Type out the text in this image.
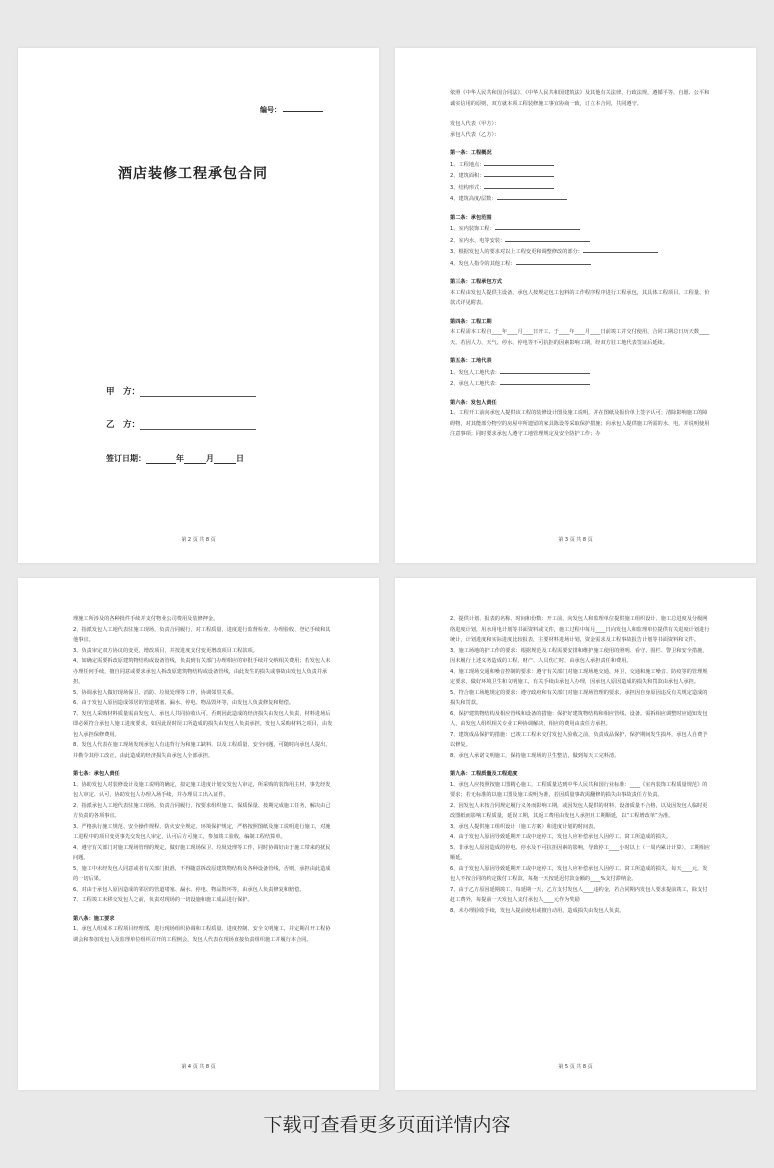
编号：
酒店装修工程承包合同
甲　方：
乙　方：
签订日期：	年	月	日
第 2 页 共 8 页

依照《中华人民共和国合同法》、《中华人民共和国建筑法》及其他有关法律、行政法规，遵循平等、自愿、公平和诚实信用的原则，双方就本项工程装修施工事宜协商一致，订立本合同，共同遵守。

发包人代表（甲方）：

承包人代表（乙方）：

第一条：工程概况

1、工程地点：

2、建筑面积：

3、结构形式：

4、建筑高度/层数：

第二条：承包范围

1、室内装饰工程：

2、室内水、电等安装：

3、根据发包人的要求对以上工程变更和调整修改的部分：

4、发包人指令的其他工程：

第三条：工程承包方式

本工程由发包人提供主设备，承包人按规定包工包料的工作程序程序进行工程承包，其具体工程项目、工程量、价款式详见附表。

第四条：工程工期

本工程需本工程自____年____月____日开工，于____年____月____日前竣工并交付使用，合同工期总日历天数____天。若因人力、天气、停水、停电等不可抗拒的因素影响工期，经双方驻工地代表签证后延续。

第五条：工地代表

1、发包人工地代表：

2、承包人工地代表：

第六条：发包人责任

1、工程开工前向承包人提供该工程的装修设计图及施工说明，并在图纸及报价单上签字认可；清除影响施工的障碍物，对其能部分物空的房屋中所遗留的家具陈设等采取保护措施；向承包人提供施工所需的水、电，并说明使用注意事项；同时要求承包人遵守工地管理规定及安全防护工作；办

第 3 页 共 8 页

理施工所涉及的各种批件手续并支付物业公司费用及装修押金。

2、指派发包人工地代表驻施工现场，负责合同履行，对工程质量、进度进行监督检查，办理验收、登记手续和其他事宜。

3、负责审定双方协议的变更、增改项目，并按进度支付变更增改项目工程款项。

4、如确定需要拆改原建筑物结构或设备管线，负责到有关部门办理相应的审批手续并交纳相关费用；若发包人未办理任何手续，擅自同意或要求承包人拆改原建筑物结构或设备管线，由此发生的损失或事故由发包人负责并承担。

5、协调承包人做好现场保卫、消防、垃圾处理等工作，协调邻里关系。

6、由于发包人原因造成邻居的管道堵塞、漏水、停电、物品毁坏等，由发包人负责修复和赔偿。

7、发包人采购材料质量需由发包人、承包人共同验收认可，否则因此造成的经济损失由发包人负责，材料进场后即必须符合承包人施工进度要求，如因此误时误工所造成的损失由发包人负责承担。发包人采购材料之项目，由发包人承担保修费用。

8、发包人代表在施工现场发现承包人有违背行为和施工缺料、以及工程质量、安全问题，可随时向承包人提出，并勒令其停工改正，由此造成的经济损失由承包人全部承担。

第七条：承包人责任

1、协助发包人对装修设计及施工说明的确定，拟定施工进度计划交发包人审定，所采购的装饰用主材，事先经发包人审定、认可，协助发包人办理入场手续，并办理员工出入证件。

2、指派承包人工地代表驻施工现场，负责合同履行，按要求组织施工，保质保量、按期完成施工任务，解决由己方负责的各项事宜。

3、严格执行施工规范、安全操作规程、防火安全规定、环境保护规定，严格按照图纸及施工说明进行施工，对施工进程中的项目变更事先交发包人审定，认可后方可施工，参加竣工验收，编制工程结算单。

4、遵守有关部门对施工现场管理的规定，做好施工现场保卫、垃圾处理等工作，同时协调好由于施工带来的扰民问题。

5、施工中未经发包人同意或者有关部门批准，不得随意拆改原建筑物结构及各种设备管线，否则，承担由此造成的一切后果。

6、对由于承包人原因造成的邻居的管道堵塞、漏水、停电、物品毁坏等，由承包人负责修复和赔偿。

7、工程竣工未移交发包人之前，负责对现场的一切设施和施工成品进行保护。

第八条：施工要求

1、承包人组成本工程项目经理部，进行现场组织协调和工程质量、进度控制、安全文明施工，并定期召开工程协调会和参加发包人及监理单位组织召开的工程例会，发包人代表在现场直接负责组织施工并履行本合同。

第 4 页 共 8 页

2、提供计划、报表的名称、时间和份数：开工前，向发包人和监理单位提供施工组织设计、施工总进度及分级网络进度计划，用水用电计划等书面资料或文件，施工过程中每月____日向发包人和监理单位提供有关进度计划进行统计，计划进度和实际进度比较报表，主要材料进场计划，资金需求及工程事故报告计划等书面资料和文件。

3、施工场地的护工作的要求：根据规范及工程需要安排和维护施工使用的照明、看守、围栏、警卫和安全措施，因未履行上述义务造成的工程、财产、人员伤亡时，由承包人承担责任和费用。

4、施工现场交通和噪音控制的要求：遵守有关部门对施工现场地交通、环卫、交通和施工噪音、防疫等的管理规定要求，做好环境卫生和文明施工，有关手续由承包人办理，因承包人原因造成的损失和罚款由承包人承担。

5、符合施工场地规定的要求：遵守政府和有关部门对施工现场管理的要求，承担因自身原因违反有关规定造成的损失和罚款。

6、保护建筑物结构及相应管线和设备的措施：保护好建筑物结构和相应管线、设备。需拆相应调整时应通知发包人，由发包人组织相关专业工种协调解决，相应的费用由责任方承担。

7、建筑成品保护的措施：已竣工工程未交付发包人验收之前，负责成品保护，保护期间发生损坏，承包人自费予以修复。

8、承包人承诺文明施工，保持施工现场的卫生整洁，做到每天工完料清。

第九条：工程质量及工程进度

1、承包人应按照按施工图精心施工，工程质量达到中华人民共和国行业标准：____《室内装饰工程质量规范》的要求；若无标准的以施工图及施工说明为准，若因质量事故需翻修的损失由事故责任方负责。

2、因发包人未按合同规定履行义务而影响工期，或因发包人提供的材料、设备质量不合格，以及因发包人临时更改图纸而影响工程质量，延误工期，其返工费用由发包人承担且工期顺延，以“工程增改单”为准。

3、承包人提供施工组织设计（施工方案）和进度计划的时间表。

4、由于发包人原因导致延期开工或中途停工，发包人应补偿承包人因停工、窝工所造成的损失。

5、非承包人原因造成的停电、停水及不可抗拒因素的影响，导致停工____小时以上（一周内累计计算），工期相应顺延。

6、由于发包人原因导致延期开工或中途停工，发包人应补偿承包人因停工、窝工所造成的损失，每天____元，发包人不按合同的约定拨付工程款，每拖一天按延迟付款金额的____%支付滞纳金。

7、由于乙方原因延期竣工，每延期一天，乙方支付发包人____违约金，若合同期内发包人要求提前竣工，除支付赶工费外，每提前一天发包人支付承包人____元作为奖励

8、未办理验收手续，发包人提前使用或擅自动用，造成损失由发包人负责。

第 5 页 共 8 页
下载可查看更多页面详情内容
